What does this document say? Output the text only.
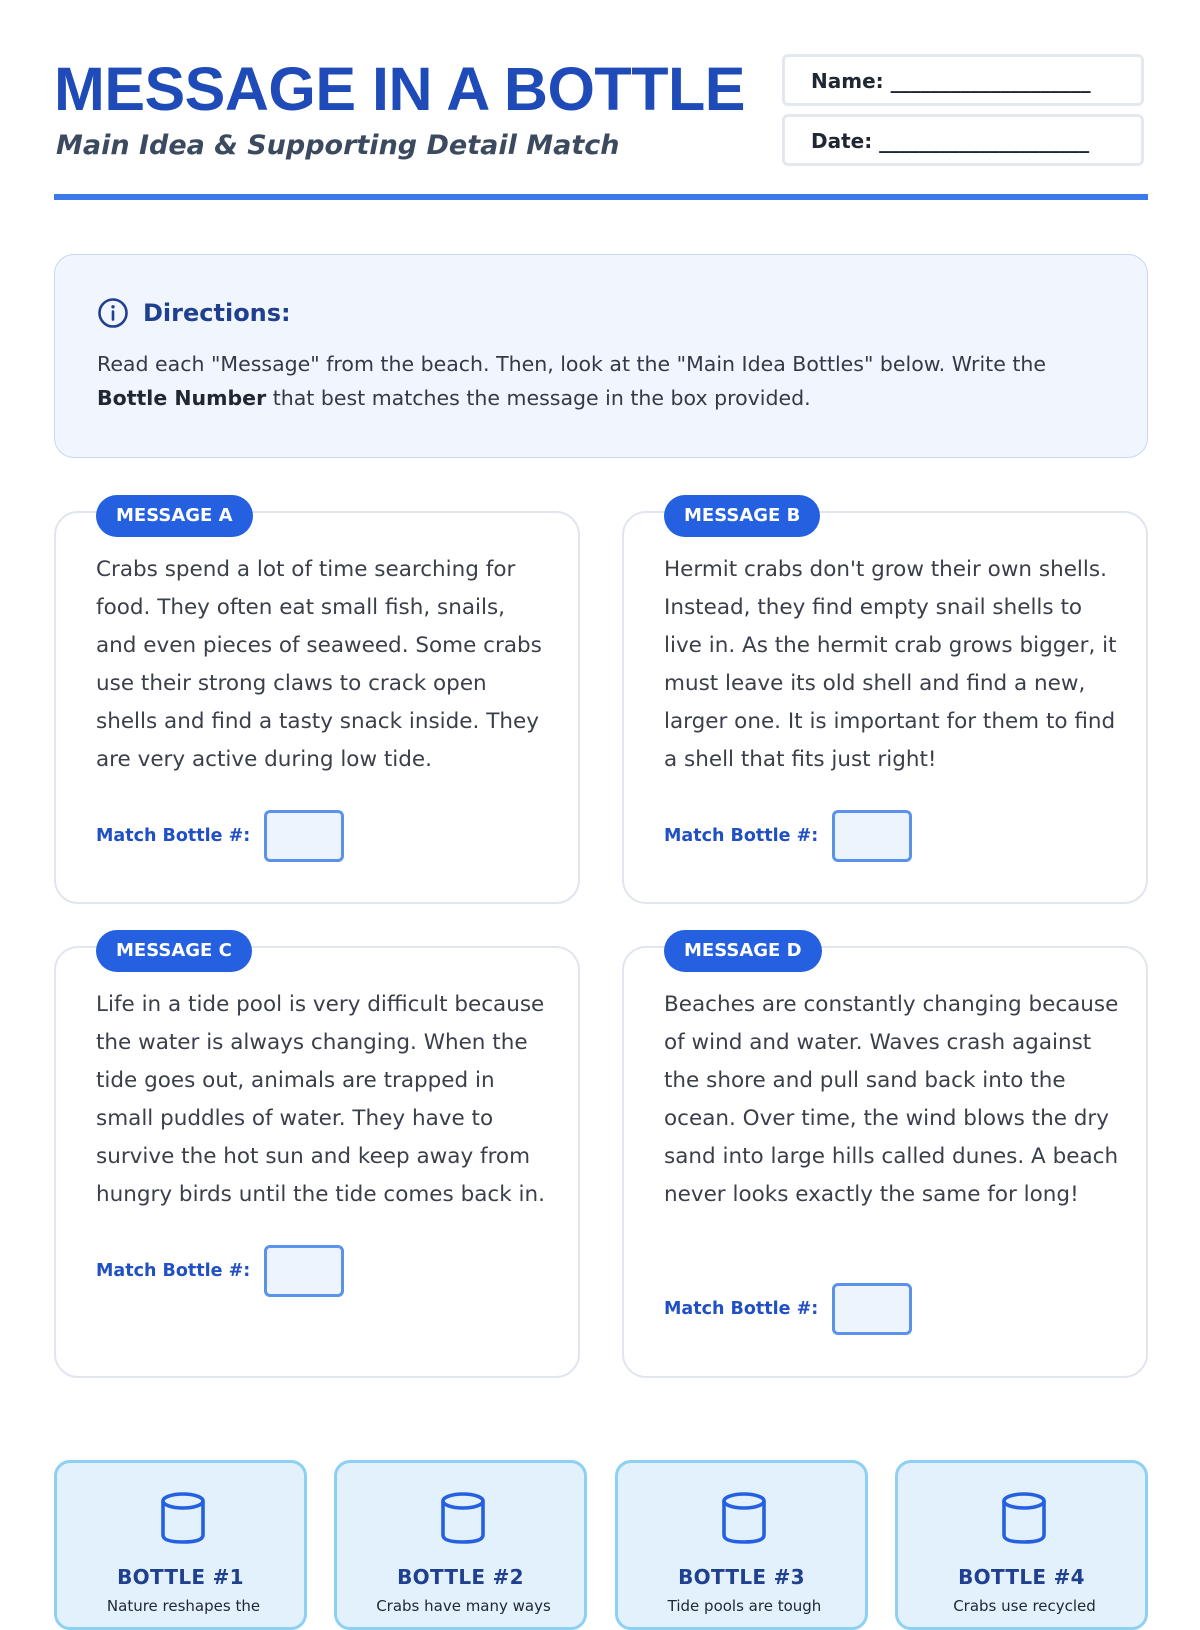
MESSAGE IN A BOTTLE
Main Idea & Supporting Detail Match
Name: ____________________
Date: _____________________
Directions:

Read each "Message" from the beach. Then, look at the "Main Idea Bottles" below. Write the Bottle Number that best matches the message in the box provided.

MESSAGE A

Crabs spend a lot of time searching for food. They often eat small fish, snails, and even pieces of seaweed. Some crabs use their strong claws to crack open shells and find a tasty snack inside. They are very active during low tide.

Match Bottle #:
MESSAGE B

Hermit crabs don't grow their own shells. Instead, they find empty snail shells to live in. As the hermit crab grows bigger, it must leave its old shell and find a new, larger one. It is important for them to find a shell that fits just right!

Match Bottle #:
MESSAGE C

Life in a tide pool is very difficult because the water is always changing. When the tide goes out, animals are trapped in small puddles of water. They have to survive the hot sun and keep away from hungry birds until the tide comes back in.

Match Bottle #:
MESSAGE D

Beaches are constantly changing because of wind and water. Waves crash against the shore and pull sand back into the ocean. Over time, the wind blows the dry sand into large hills called dunes. A beach never looks exactly the same for long!

Match Bottle #:
BOTTLE #1
Nature reshapes the
BOTTLE #2
Crabs have many ways
BOTTLE #3
Tide pools are tough
BOTTLE #4
Crabs use recycled
